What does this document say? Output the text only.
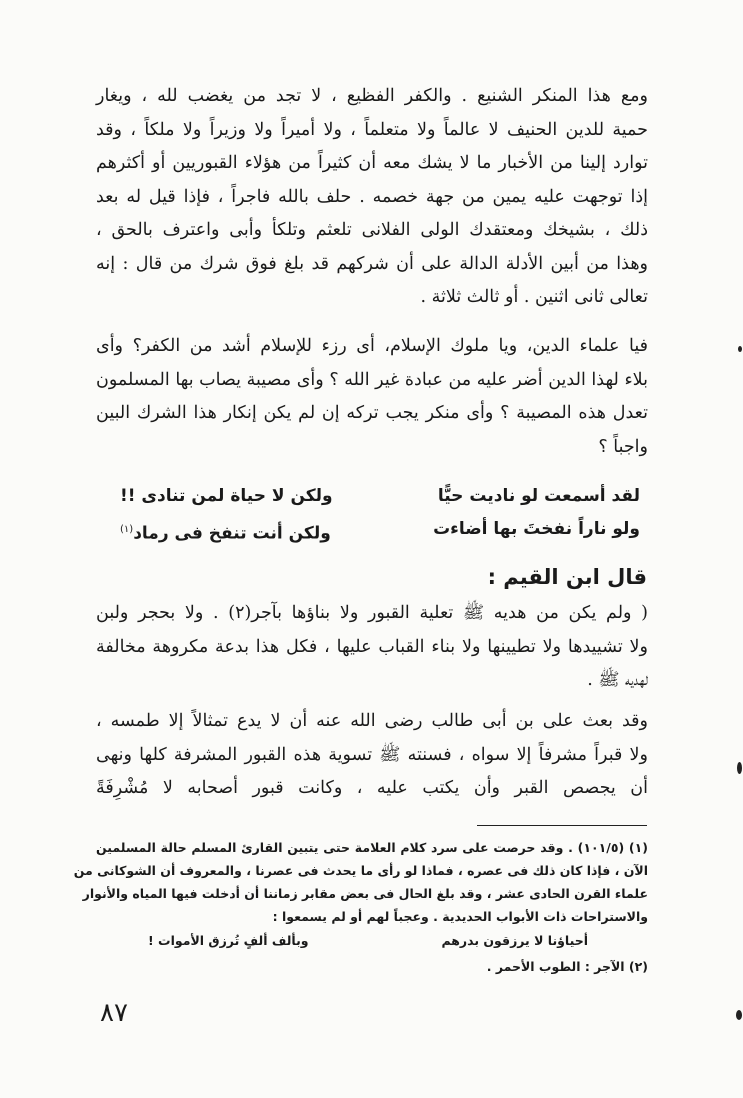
ومع هذا المنكر الشنيع . والكفر الفظيع ، لا تجد من يغضب لله ، ويغار
حمية للدين الحنيف لا عالماً ولا متعلماً ، ولا أميراً ولا وزيراً ولا ملكاً ، وقد
توارد إلينا من الأخبار ما لا يشك معه أن كثيراً من هؤلاء القبوريين أو أكثرهم
إذا توجهت عليه يمين من جهة خصمه . حلف بالله فاجراً ، فإذا قيل له بعد
ذلك ، بشيخك ومعتقدك الولى الفلانى تلعثم وتلكأ وأبى واعترف بالحق ،
وهذا من أبين الأدلة الدالة على أن شركهم قد بلغ فوق شرك من قال : إنه
تعالى ثانى اثنين . أو ثالث ثلاثة .
فيا علماء الدين، ويا ملوك الإسلام، أى رزء للإسلام أشد من الكفر؟ وأى
بلاء لهذا الدين أضر عليه من عبادة غير الله ؟ وأى مصيبة يصاب بها المسلمون
تعدل هذه المصيبة ؟ وأى منكر يجب تركه إن لم يكن إنكار هذا الشرك البين
واجباً ؟
لقد أسمعت لو ناديت حيًّا
ولكن لا حياة لمن تنادى !!
ولو ناراً نفختَ بها أضاءت
ولكن أنت تنفخ فى رماد$^{(١)}$
قال ابن القيم :
( ولم يكن من هديه ﷺ تعلية القبور ولا بناؤها بآجر(٢) . ولا بحجر ولبن
ولا تشييدها ولا تطيينها ولا بناء القباب عليها ، فكل هذا بدعة مكروهة مخالفة
لهديه ﷺ .
وقد بعث على بن أبى طالب رضى الله عنه أن لا يدع تمثالاً إلا طمسه ،
ولا قبراً مشرفاً إلا سواه ، فسنته ﷺ تسوية هذه القبور المشرفة كلها ونهى
أن يجصص القبر وأن يكتب عليه ، وكانت قبور أصحابه لا مُشْرِفَةً
(١) (١٠١/٥) . وقد حرصت على سرد كلام العلامة حتى يتبين القارئ المسلم حالة المسلمين
الآن ، فإذا كان ذلك فى عصره ، فماذا لو رأى ما يحدث فى عصرنا ، والمعروف أن الشوكانى من
علماء القرن الحادى عشر ، وقد بلغ الحال فى بعض مقابر زماننا أن أدخلت فيها المياه والأنوار
والاستراحات ذات الأبواب الحديدية . وعجباً لهم أو لم يسمعوا :
أحياؤنا لا يرزقون بدرهم
وبألف ألفٍ تُرزق الأموات !
(٢) الآجر : الطوب الأحمر .
٨٧
